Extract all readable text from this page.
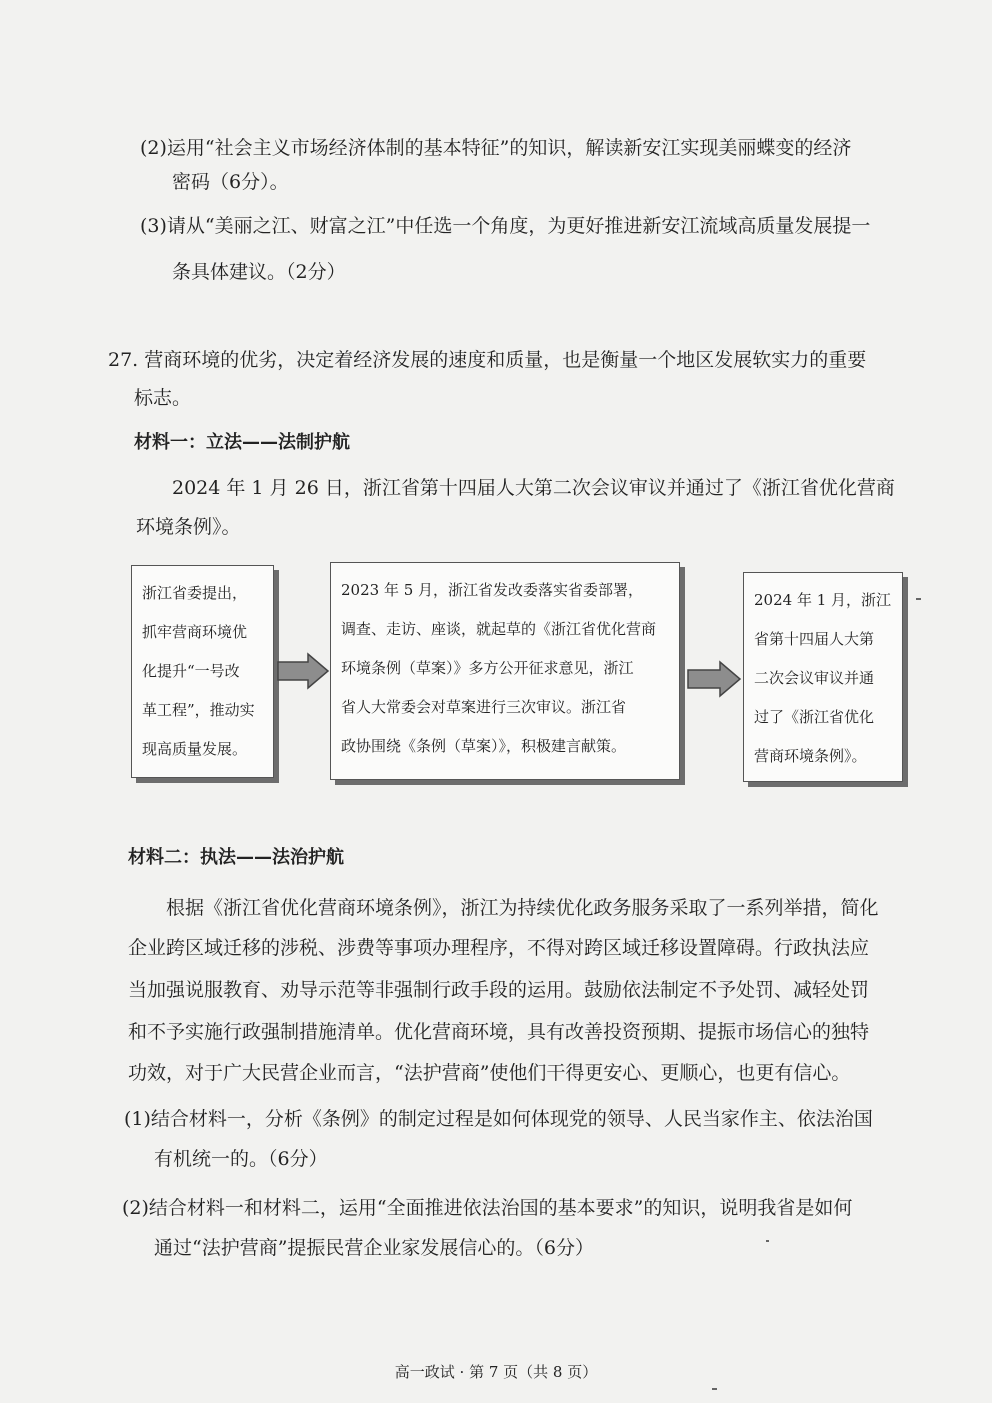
(2)运用“社会主义市场经济体制的基本特征”的知识，解读新安江实现美丽蝶变的经济
密码（6分）。
(3)请从“美丽之江、财富之江”中任选一个角度，为更好推进新安江流域高质量发展提一
条具体建议。（2分）
27. 营商环境的优劣，决定着经济发展的速度和质量，也是衡量一个地区发展软实力的重要
标志。
材料一：立法——法制护航
2024 年 1 月 26 日，浙江省第十四届人大第二次会议审议并通过了《浙江省优化营商
环境条例》。
浙江省委提出，
抓牢营商环境优
化提升“一号改
革工程”，推动实
现高质量发展。
2023 年 5 月，浙江省发改委落实省委部署，
调查、走访、座谈，就起草的《浙江省优化营商
环境条例（草案）》多方公开征求意见，浙江
省人大常委会对草案进行三次审议。浙江省
政协围绕《条例（草案）》，积极建言献策。
2024 年 1 月，浙江
省第十四届人大第
二次会议审议并通
过了《浙江省优化
营商环境条例》。
材料二：执法——法治护航
根据《浙江省优化营商环境条例》，浙江为持续优化政务服务采取了一系列举措，简化
企业跨区域迁移的涉税、涉费等事项办理程序，不得对跨区域迁移设置障碍。行政执法应
当加强说服教育、劝导示范等非强制行政手段的运用。鼓励依法制定不予处罚、减轻处罚
和不予实施行政强制措施清单。优化营商环境，具有改善投资预期、提振市场信心的独特
功效，对于广大民营企业而言，“法护营商”使他们干得更安心、更顺心，也更有信心。
(1)结合材料一，分析《条例》的制定过程是如何体现党的领导、人民当家作主、依法治国
有机统一的。（6分）
(2)结合材料一和材料二，运用“全面推进依法治国的基本要求”的知识，说明我省是如何
通过“法护营商”提振民营企业家发展信心的。（6分）
高一政试 · 第 7 页（共 8 页）
